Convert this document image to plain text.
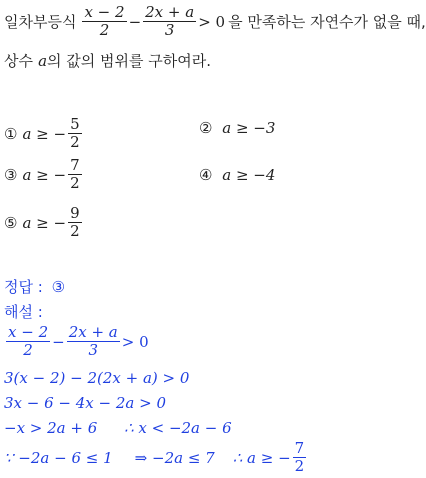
일차부등식 $\frac{x - 2}{2} - \frac{2x + a}{3} > 0$ 을 만족하는 자연수가 없을 때,
상수 a의 값의 범위를 구하여라.
① a ≥ − $\frac{5}{2}$	② a ≥ −3
③ a ≥ − $\frac{7}{2}$	④ a ≥ −4
⑤ a ≥ − $\frac{9}{2}$
정답 : ③
해설 :
$\frac{x - 2}{2} - \frac{2x + a}{3} > 0$
3(x − 2) − 2(2x + a) > 0
3x − 6 − 4x − 2a > 0
−x > 2a + 6 ∴ x < −2a − 6
∵ −2a − 6 ≤ 1 ⇒ −2a ≤ 7 ∴ a ≥ − $\frac{7}{2}$
